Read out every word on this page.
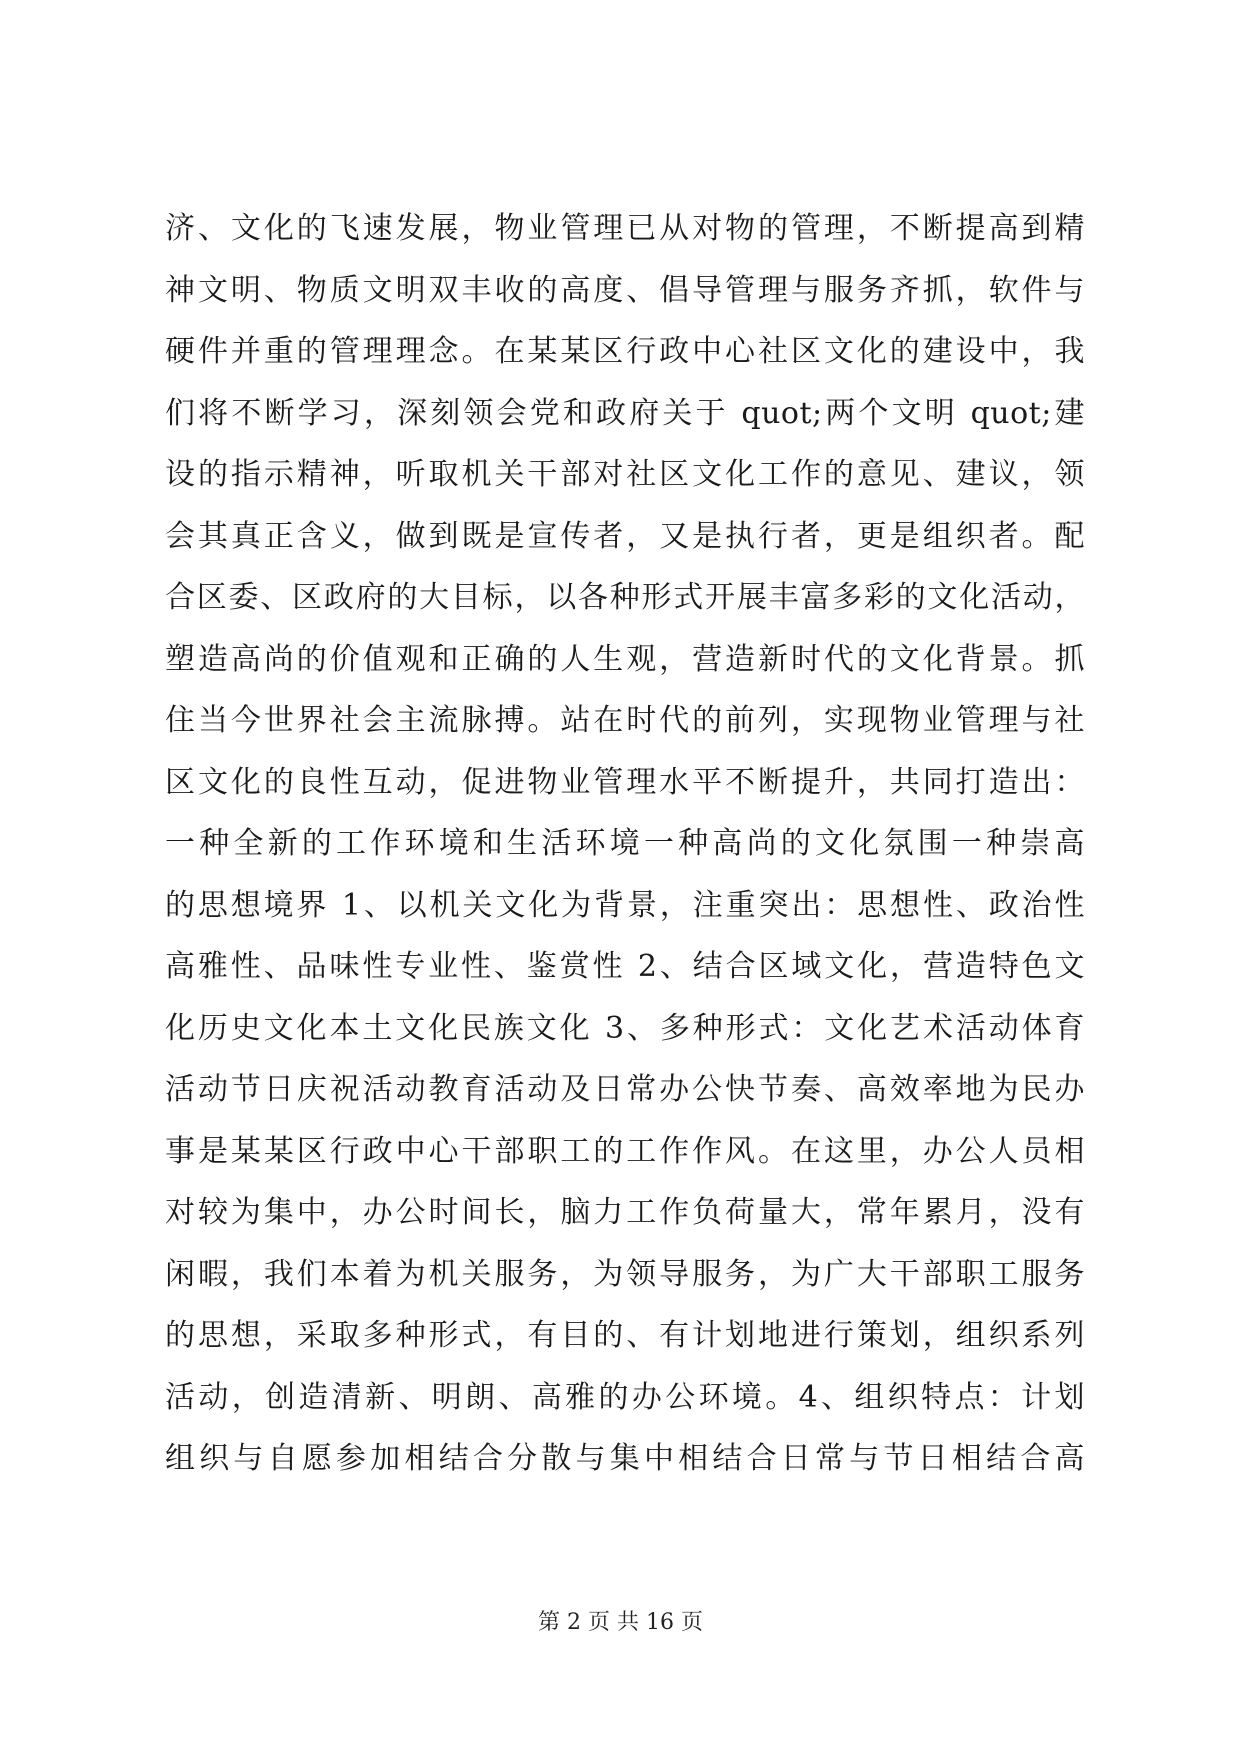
济、文化的飞速发展，物业管理已从对物的管理，不断提高到精
神文明、物质文明双丰收的高度、倡导管理与服务齐抓，软件与
硬件并重的管理理念。在某某区行政中心社区文化的建设中，我
们将不断学习，深刻领会党和政府关于 quot;两个文明 quot;建
设的指示精神，听取机关干部对社区文化工作的意见、建议，领
会其真正含义，做到既是宣传者，又是执行者，更是组织者。配
合区委、区政府的大目标，以各种形式开展丰富多彩的文化活动，
塑造高尚的价值观和正确的人生观，营造新时代的文化背景。抓
住当今世界社会主流脉搏。站在时代的前列，实现物业管理与社
区文化的良性互动，促进物业管理水平不断提升，共同打造出：
一种全新的工作环境和生活环境一种高尚的文化氛围一种崇高
的思想境界 1、以机关文化为背景，注重突出：思想性、政治性
高雅性、品味性专业性、鉴赏性 2、结合区域文化，营造特色文
化历史文化本土文化民族文化 3、多种形式：文化艺术活动体育
活动节日庆祝活动教育活动及日常办公快节奏、高效率地为民办
事是某某区行政中心干部职工的工作作风。在这里，办公人员相
对较为集中，办公时间长，脑力工作负荷量大，常年累月，没有
闲暇，我们本着为机关服务，为领导服务，为广大干部职工服务
的思想，采取多种形式，有目的、有计划地进行策划，组织系列
活动，创造清新、明朗、高雅的办公环境。4、组织特点：计划
组织与自愿参加相结合分散与集中相结合日常与节日相结合高
第 2 页 共 16 页
